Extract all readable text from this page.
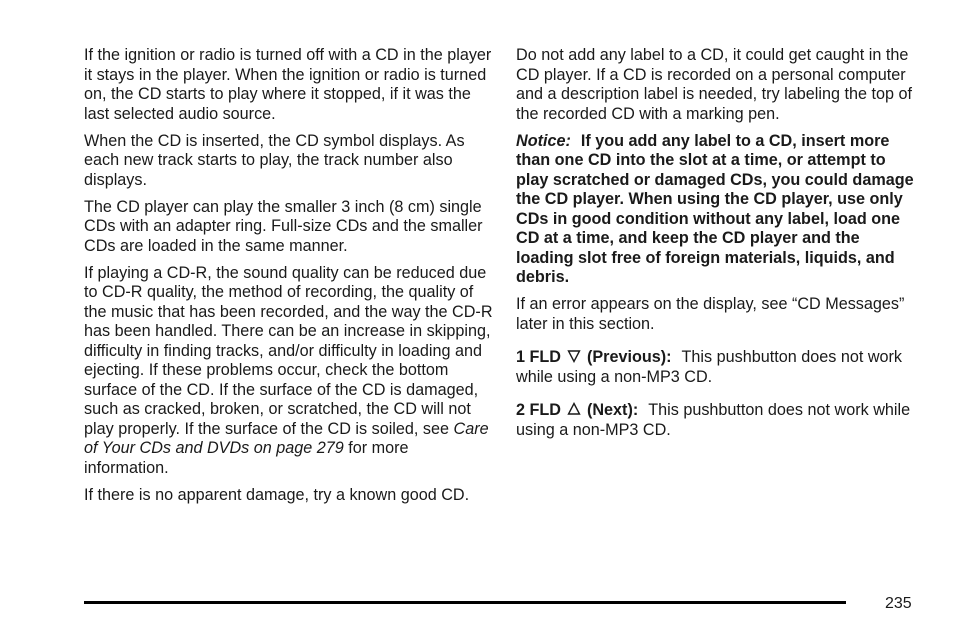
If the ignition or radio is turned off with a CD in the player it stays in the player. When the ignition or radio is turned on, the CD starts to play where it stopped, if it was the last selected audio source.

When the CD is inserted, the CD symbol displays. As each new track starts to play, the track number also displays.

The CD player can play the smaller 3 inch (8 cm) single CDs with an adapter ring. Full-size CDs and the smaller CDs are loaded in the same manner.

If playing a CD-R, the sound quality can be reduced due to CD-R quality, the method of recording, the quality of the music that has been recorded, and the way the CD-R has been handled. There can be an increase in skipping, difficulty in finding tracks, and/or difficulty in loading and ejecting. If these problems occur, check the bottom surface of the CD. If the surface of the CD is damaged, such as cracked, broken, or scratched, the CD will not play properly. If the surface of the CD is soiled, see Care of Your CDs and DVDs on page 279 for more information.

If there is no apparent damage, try a known good CD.

Do not add any label to a CD, it could get caught in the CD player. If a CD is recorded on a personal computer and a description label is needed, try labeling the top of the recorded CD with a marking pen.

Notice: If you add any label to a CD, insert more than one CD into the slot at a time, or attempt to play scratched or damaged CDs, you could damage the CD player. When using the CD player, use only CDs in good condition without any label, load one CD at a time, and keep the CD player and the loading slot free of foreign materials, liquids, and debris.

If an error appears on the display, see “CD Messages” later in this section.

1 FLD (Previous): This pushbutton does not work while using a non-MP3 CD.

2 FLD (Next): This pushbutton does not work while using a non-MP3 CD.

235
